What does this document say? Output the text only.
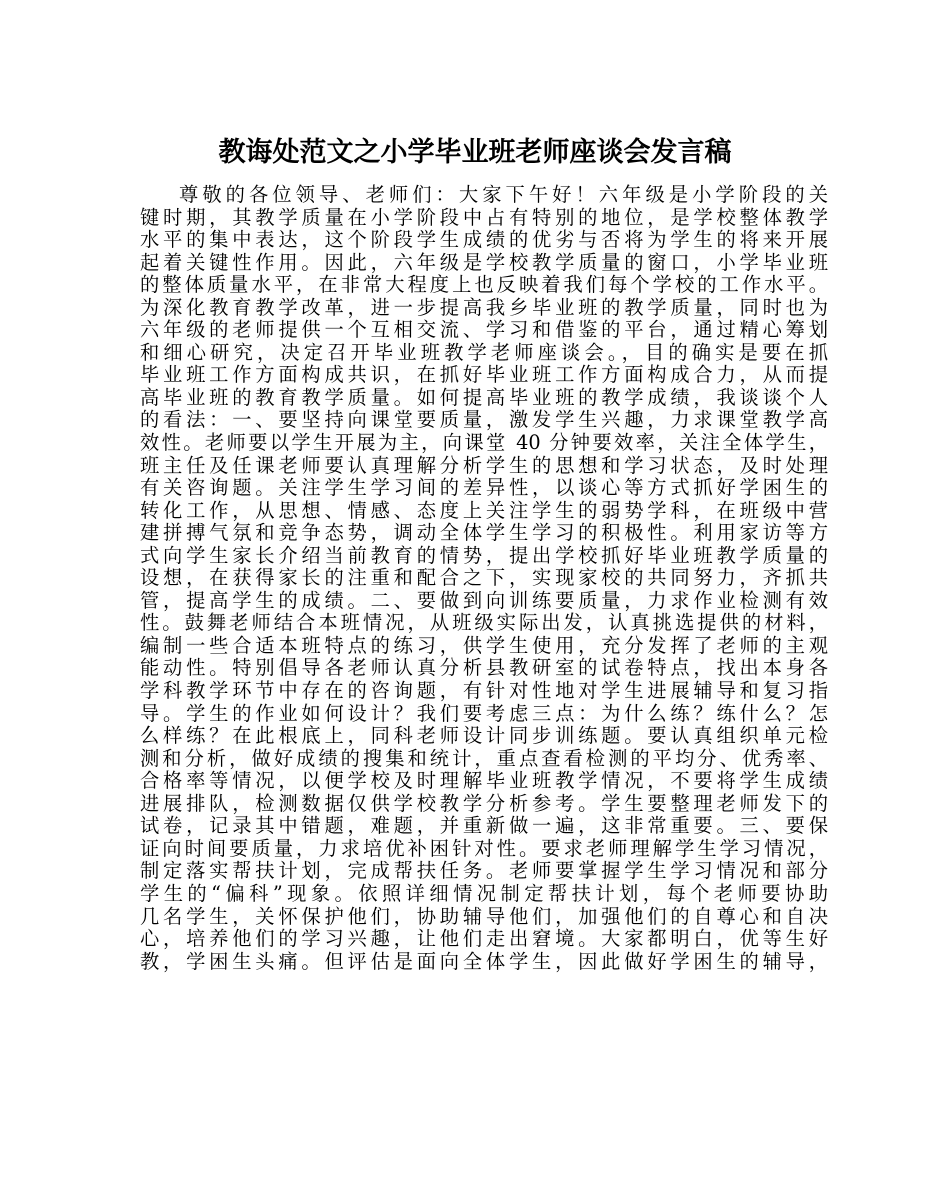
教诲处范文之小学毕业班老师座谈会发言稿
尊敬的各位领导、老师们：大家下午好！六年级是小学阶段的关
键时期，其教学质量在小学阶段中占有特别的地位，是学校整体教学
水平的集中表达，这个阶段学生成绩的优劣与否将为学生的将来开展
起着关键性作用。因此，六年级是学校教学质量的窗口，小学毕业班
的整体质量水平，在非常大程度上也反映着我们每个学校的工作水平。
为深化教育教学改革，进一步提高我乡毕业班的教学质量，同时也为
六年级的老师提供一个互相交流、学习和借鉴的平台，通过精心筹划
和细心研究，决定召开毕业班教学老师座谈会。，目的确实是要在抓
毕业班工作方面构成共识，在抓好毕业班工作方面构成合力，从而提
高毕业班的教育教学质量。如何提高毕业班的教学成绩，我谈谈个人
的看法：一、要坚持向课堂要质量，激发学生兴趣，力求课堂教学高
效性。老师要以学生开展为主，向课堂 40 分钟要效率，关注全体学生，
班主任及任课老师要认真理解分析学生的思想和学习状态，及时处理
有关咨询题。关注学生学习间的差异性，以谈心等方式抓好学困生的
转化工作，从思想、情感、态度上关注学生的弱势学科，在班级中营
建拼搏气氛和竞争态势，调动全体学生学习的积极性。利用家访等方
式向学生家长介绍当前教育的情势，提出学校抓好毕业班教学质量的
设想，在获得家长的注重和配合之下，实现家校的共同努力，齐抓共
管，提高学生的成绩。二、要做到向训练要质量，力求作业检测有效
性。鼓舞老师结合本班情况，从班级实际出发，认真挑选提供的材料，
编制一些合适本班特点的练习，供学生使用，充分发挥了老师的主观
能动性。特别倡导各老师认真分析县教研室的试卷特点，找出本身各
学科教学环节中存在的咨询题，有针对性地对学生进展辅导和复习指
导。学生的作业如何设计？我们要考虑三点：为什么练？练什么？怎
么样练？在此根底上，同科老师设计同步训练题。要认真组织单元检
测和分析，做好成绩的搜集和统计，重点查看检测的平均分、优秀率、
合格率等情况，以便学校及时理解毕业班教学情况，不要将学生成绩
进展排队，检测数据仅供学校教学分析参考。学生要整理老师发下的
试卷，记录其中错题，难题，并重新做一遍，这非常重要。三、要保
证向时间要质量，力求培优补困针对性。要求老师理解学生学习情况，
制定落实帮扶计划，完成帮扶任务。老师要掌握学生学习情况和部分
学生的“偏科”现象。依照详细情况制定帮扶计划，每个老师要协助
几名学生，关怀保护他们，协助辅导他们，加强他们的自尊心和自决
心，培养他们的学习兴趣，让他们走出窘境。大家都明白，优等生好
教，学困生头痛。但评估是面向全体学生，因此做好学困生的辅导，
